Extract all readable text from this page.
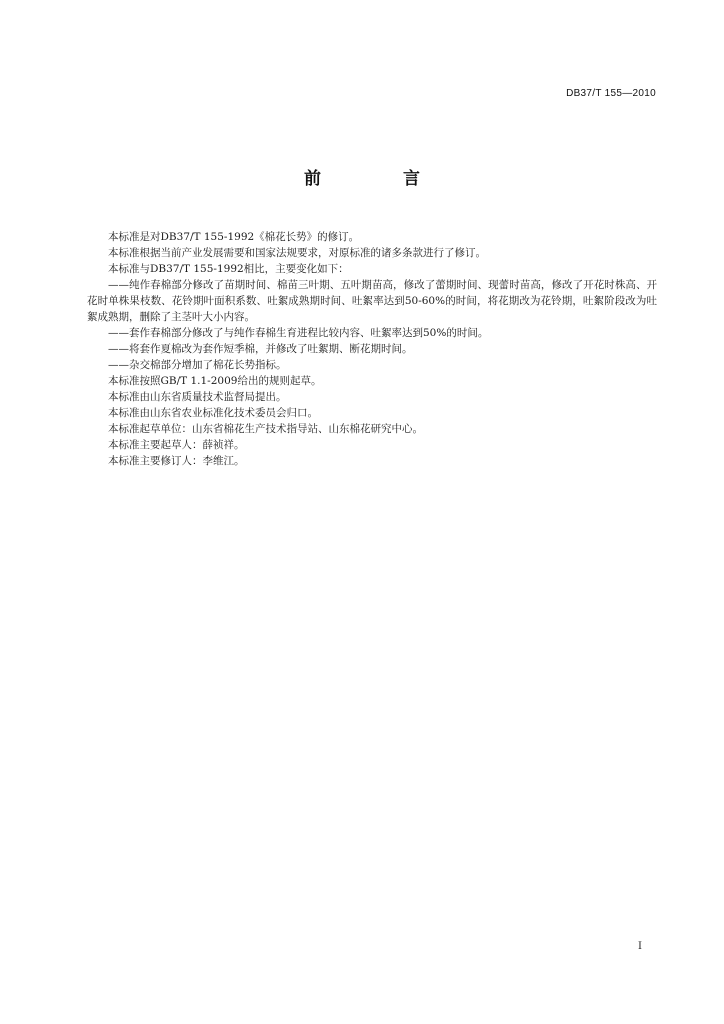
DB37/T 155—2010
前 言

本标准是对DB37/T 155-1992《棉花长势》的修订。

本标准根据当前产业发展需要和国家法规要求，对原标准的诸多条款进行了修订。

本标准与DB37/T 155-1992相比，主要变化如下：

——纯作春棉部分修改了苗期时间、棉苗三叶期、五叶期苗高，修改了蕾期时间、现蕾时苗高，修改了开花时株高、开花时单株果枝数、花铃期叶面积系数、吐絮成熟期时间、吐絮率达到50-60%的时间，将花期改为花铃期，吐絮阶段改为吐絮成熟期，删除了主茎叶大小内容。

——套作春棉部分修改了与纯作春棉生育进程比较内容、吐絮率达到50%的时间。

——将套作夏棉改为套作短季棉，并修改了吐絮期、断花期时间。

——杂交棉部分增加了棉花长势指标。

本标准按照GB/T 1.1-2009给出的规则起草。

本标准由山东省质量技术监督局提出。

本标准由山东省农业标准化技术委员会归口。

本标准起草单位：山东省棉花生产技术指导站、山东棉花研究中心。

本标准主要起草人：薛祯祥。

本标准主要修订人：李维江。

I
